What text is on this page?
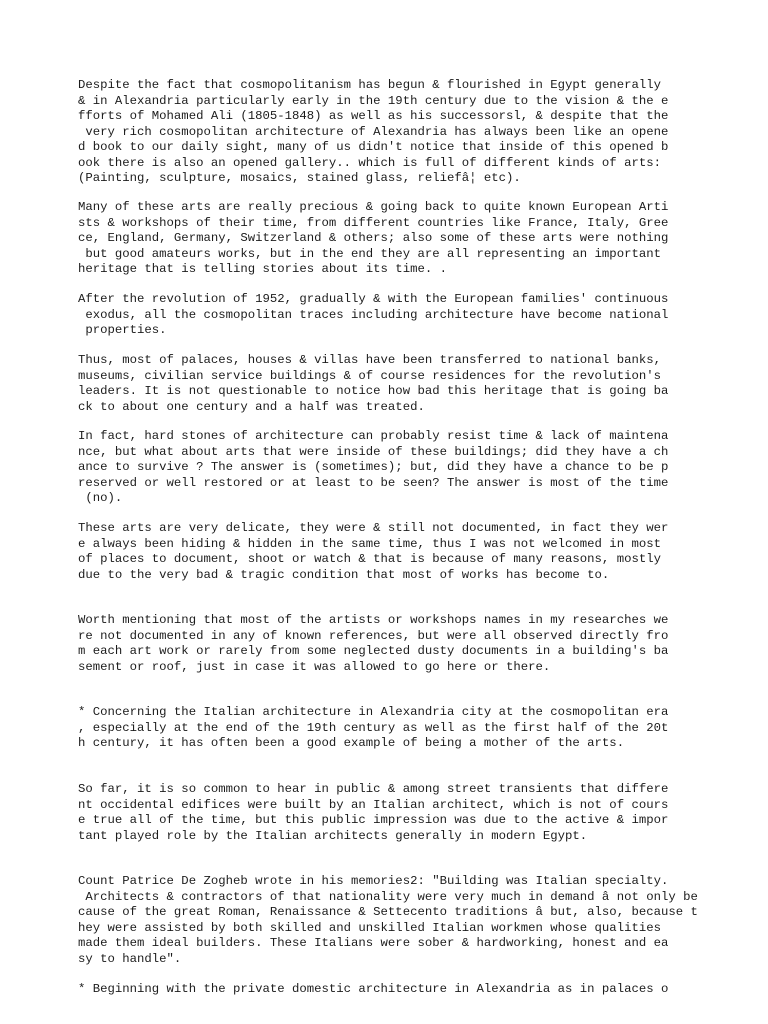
Despite the fact that cosmopolitanism has begun & flourished in Egypt generally
& in Alexandria particularly early in the 19th century due to the vision & the e
fforts of Mohamed Ali (1805-1848) as well as his successorsl, & despite that the
very rich cosmopolitan architecture of Alexandria has always been like an opene
d book to our daily sight, many of us didn't notice that inside of this opened b
ook there is also an opened gallery.. which is full of different kinds of arts:
(Painting, sculpture, mosaics, stained glass, reliefâ¦ etc).
Many of these arts are really precious & going back to quite known European Arti
sts & workshops of their time, from different countries like France, Italy, Gree
ce, England, Germany, Switzerland & others; also some of these arts were nothing
but good amateurs works, but in the end they are all representing an important
heritage that is telling stories about its time. .
After the revolution of 1952, gradually & with the European families' continuous
exodus, all the cosmopolitan traces including architecture have become national
properties.
Thus, most of palaces, houses & villas have been transferred to national banks,
museums, civilian service buildings & of course residences for the revolution's
leaders. It is not questionable to notice how bad this heritage that is going ba
ck to about one century and a half was treated.
In fact, hard stones of architecture can probably resist time & lack of maintena
nce, but what about arts that were inside of these buildings; did they have a ch
ance to survive ? The answer is (sometimes); but, did they have a chance to be p
reserved or well restored or at least to be seen? The answer is most of the time
(no).
These arts are very delicate, they were & still not documented, in fact they wer
e always been hiding & hidden in the same time, thus I was not welcomed in most
of places to document, shoot or watch & that is because of many reasons, mostly
due to the very bad & tragic condition that most of works has become to.
Worth mentioning that most of the artists or workshops names in my researches we
re not documented in any of known references, but were all observed directly fro
m each art work or rarely from some neglected dusty documents in a building's ba
sement or roof, just in case it was allowed to go here or there.
* Concerning the Italian architecture in Alexandria city at the cosmopolitan era
, especially at the end of the 19th century as well as the first half of the 20t
h century, it has often been a good example of being a mother of the arts.
So far, it is so common to hear in public & among street transients that differe
nt occidental edifices were built by an Italian architect, which is not of cours
e true all of the time, but this public impression was due to the active & impor
tant played role by the Italian architects generally in modern Egypt.
Count Patrice De Zogheb wrote in his memories2: "Building was Italian specialty.
Architects & contractors of that nationality were very much in demand â not only be
cause of the great Roman, Renaissance & Settecento traditions â but, also, because t
hey were assisted by both skilled and unskilled Italian workmen whose qualities
made them ideal builders. These Italians were sober & hardworking, honest and ea
sy to handle".
* Beginning with the private domestic architecture in Alexandria as in palaces o
